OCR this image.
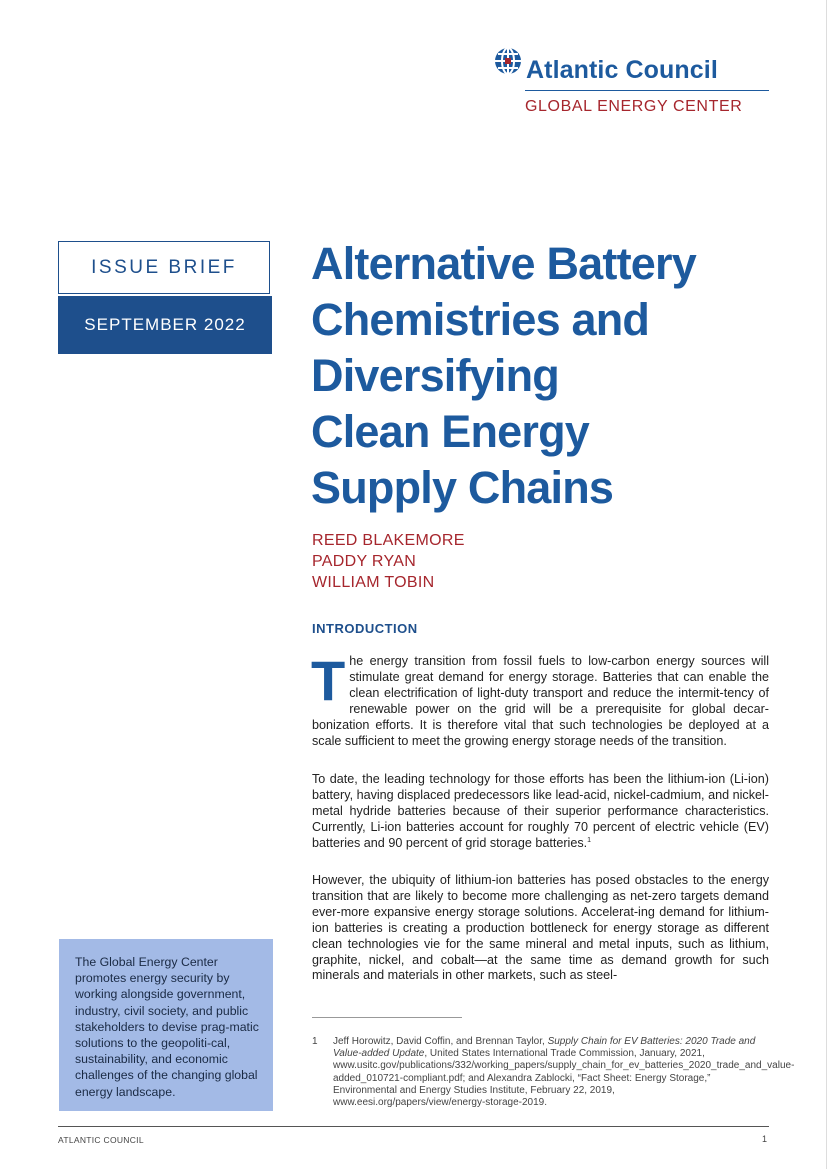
Atlantic Council
GLOBAL ENERGY CENTER
ISSUE BRIEF
SEPTEMBER 2022
Alternative Battery
Chemistries and
Diversifying
Clean Energy
Supply Chains
REED BLAKEMORE
PADDY RYAN
WILLIAM TOBIN
INTRODUCTION

The energy transition from fossil fuels to low-carbon energy sources will stimulate great demand for energy storage. Batteries that can enable the clean electrification of light-duty transport and reduce the intermit-tency of renewable power on the grid will be a prerequisite for global decar-bonization efforts. It is therefore vital that such technologies be deployed at a scale sufficient to meet the growing energy storage needs of the transition.

To date, the leading technology for those efforts has been the lithium-ion (Li-ion) battery, having displaced predecessors like lead-acid, nickel-cadmium, and nickel-metal hydride batteries because of their superior performance characteristics. Currently, Li-ion batteries account for roughly 70 percent of electric vehicle (EV) batteries and 90 percent of grid storage batteries.$^1$

However, the ubiquity of lithium-ion batteries has posed obstacles to the energy transition that are likely to become more challenging as net-zero targets demand ever-more expansive energy storage solutions. Accelerat-ing demand for lithium-ion batteries is creating a production bottleneck for energy storage as different clean technologies vie for the same mineral and metal inputs, such as lithium, graphite, nickel, and cobalt—at the same time as demand growth for such minerals and materials in other markets, such as steel-

1 Jeff Horowitz, David Coffin, and Brennan Taylor, Supply Chain for EV Batteries: 2020 Trade and Value-added Update, United States International Trade Commission, January, 2021, www.usitc.gov/publications/332/working_papers/supply_chain_for_ev_batteries_2020_trade_and_value-added_010721-compliant.pdf; and Alexandra Zablocki, “Fact Sheet: Energy Storage,” Environmental and Energy Studies Institute, February 22, 2019, www.eesi.org/papers/view/energy-storage-2019.
The Global Energy Center promotes energy security by working alongside government, industry, civil society, and public stakeholders to devise prag-matic solutions to the geopoliti-cal, sustainability, and economic challenges of the changing global energy landscape.
ATLANTIC COUNCIL	1
